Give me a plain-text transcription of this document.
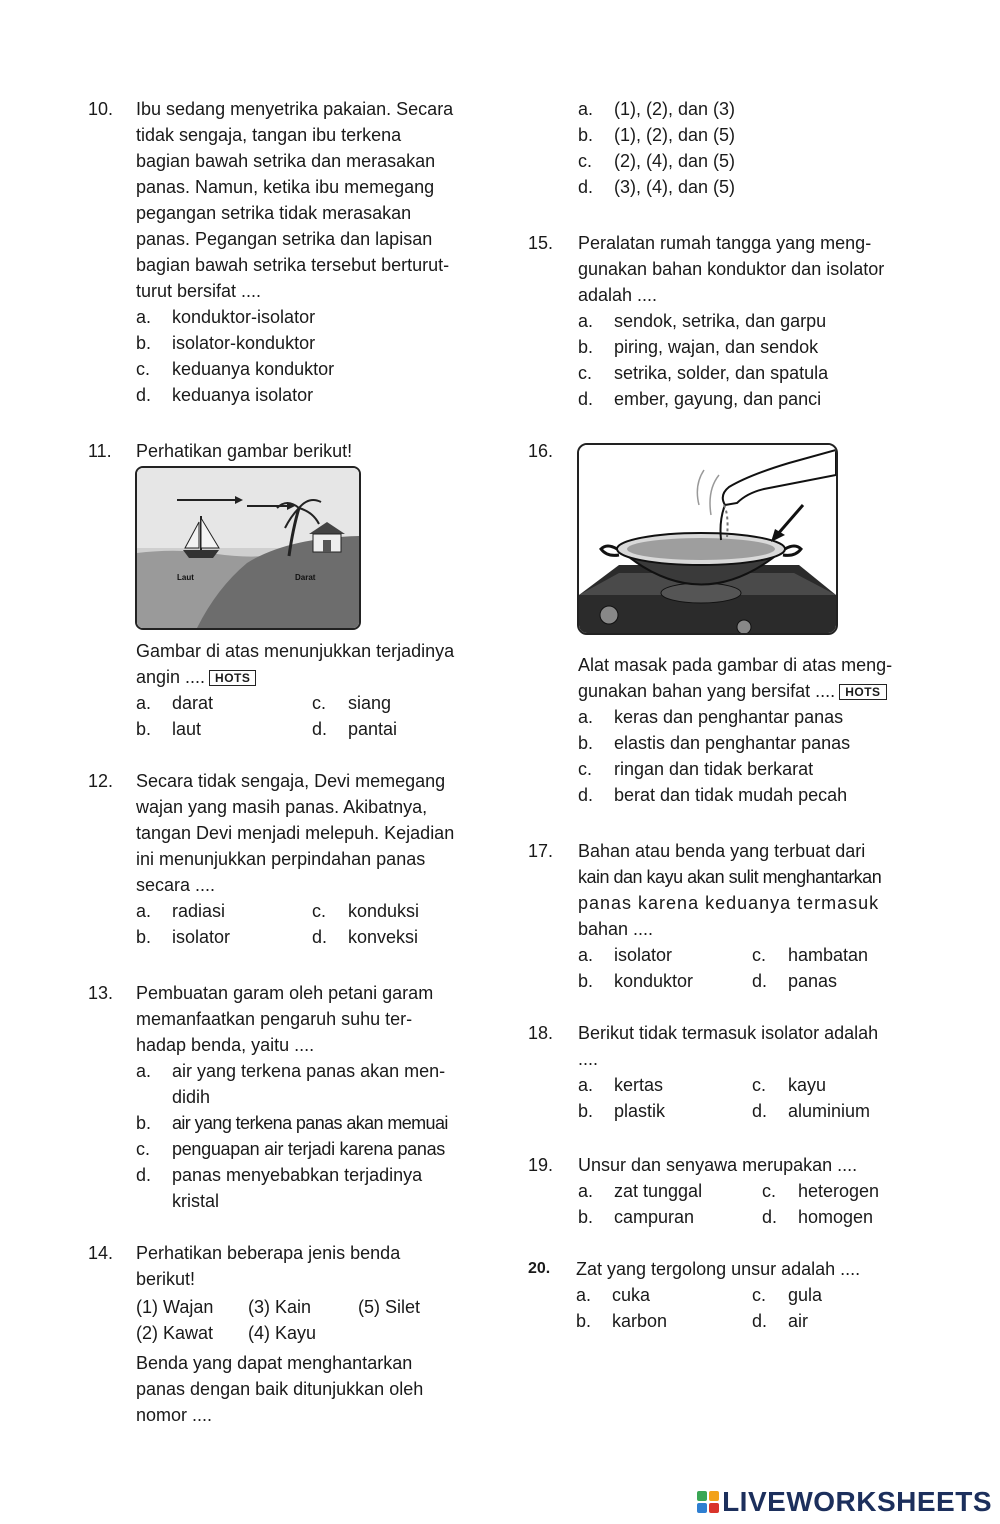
10. Ibu sedang menyetrika pakaian. Secara
tidak sengaja, tangan ibu terkena
bagian bawah setrika dan merasakan
panas. Namun, ketika ibu memegang
pegangan setrika tidak merasakan
panas. Pegangan setrika dan lapisan
bagian bawah setrika tersebut berturut-
turut bersifat ....
a.	konduktor-isolator
b.	isolator-konduktor
c.	keduanya konduktor
d.	keduanya isolator
11. Perhatikan gambar berikut!
Laut	Darat
Gambar di atas menunjukkan terjadinya
angin .... HOTS
a.	darat	c.	siang
b.	laut	d.	pantai
12. Secara tidak sengaja, Devi memegang
wajan yang masih panas. Akibatnya,
tangan Devi menjadi melepuh. Kejadian
ini menunjukkan perpindahan panas
secara ....
a.	radiasi	c.	konduksi
b.	isolator	d.	konveksi
13. Pembuatan garam oleh petani garam
memanfaatkan pengaruh suhu ter-
hadap benda, yaitu ....
a.	air yang terkena panas akan men-
didih
b.	air yang terkena panas akan memuai
c.	penguapan air terjadi karena panas
d.	panas menyebabkan terjadinya
kristal
14. Perhatikan beberapa jenis benda
berikut!
(1) Wajan	(3) Kain	(5) Silet
(2) Kawat	(4) Kayu
Benda yang dapat menghantarkan
panas dengan baik ditunjukkan oleh
nomor ....
a.	(1), (2), dan (3)
b.	(1), (2), dan (5)
c.	(2), (4), dan (5)
d.	(3), (4), dan (5)
15. Peralatan rumah tangga yang meng-
gunakan bahan konduktor dan isolator
adalah ....
a.	sendok, setrika, dan garpu
b.	piring, wajan, dan sendok
c.	setrika, solder, dan spatula
d.	ember, gayung, dan panci
16.
Alat masak pada gambar di atas meng-
gunakan bahan yang bersifat .... HOTS
a.	keras dan penghantar panas
b.	elastis dan penghantar panas
c.	ringan dan tidak berkarat
d.	berat dan tidak mudah pecah
17. Bahan atau benda yang terbuat dari
kain dan kayu akan sulit menghantarkan
panas karena keduanya termasuk
bahan ....
a.	isolator	c.	hambatan
b.	konduktor	d.	panas
18. Berikut tidak termasuk isolator adalah
....
a.	kertas	c.	kayu
b.	plastik	d.	aluminium
19. Unsur dan senyawa merupakan ....
a.	zat tunggal	c.	heterogen
b.	campuran	d.	homogen
20. Zat yang tergolong unsur adalah ....
a.	cuka	c.	gula
b.	karbon	d.	air
LIVEWORKSHEETS
